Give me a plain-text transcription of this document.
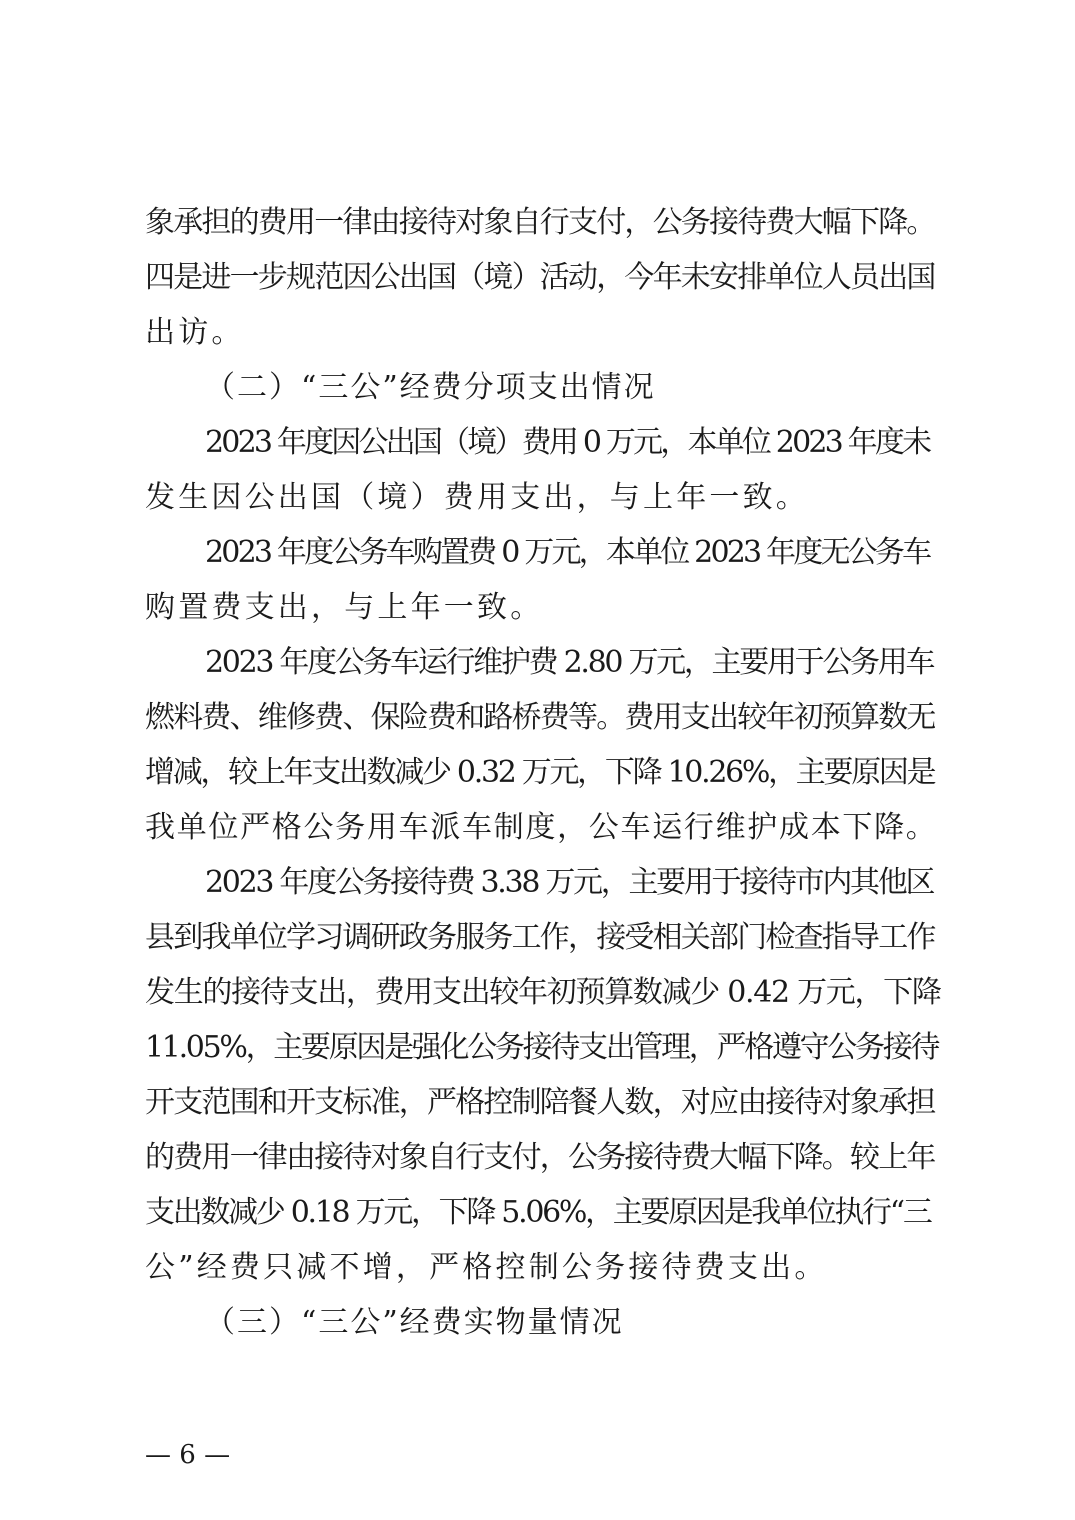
象承担的费用一律由接待对象自行支付，公务接待费大幅下降。
四是进一步规范因公出国（境）活动，今年未安排单位人员出国
出访。
（二）“三公”经费分项支出情况
2023 年度因公出国（境）费用 0 万元，本单位 2023 年度未
发生因公出国（境）费用支出，与上年一致。
2023 年度公务车购置费 0 万元，本单位 2023 年度无公务车
购置费支出，与上年一致。
2023 年度公务车运行维护费 2.80 万元，主要用于公务用车
燃料费、维修费、保险费和路桥费等。费用支出较年初预算数无
增减，较上年支出数减少 0.32 万元，下降 10.26%，主要原因是
我单位严格公务用车派车制度，公车运行维护成本下降。
2023 年度公务接待费 3.38 万元，主要用于接待市内其他区
县到我单位学习调研政务服务工作，接受相关部门检查指导工作
发生的接待支出，费用支出较年初预算数减少 0.42 万元，下降
11.05%，主要原因是强化公务接待支出管理，严格遵守公务接待
开支范围和开支标准，严格控制陪餐人数，对应由接待对象承担
的费用一律由接待对象自行支付，公务接待费大幅下降。较上年
支出数减少 0.18 万元，下降 5.06%，主要原因是我单位执行“三
公”经费只减不增，严格控制公务接待费支出。
（三）“三公”经费实物量情况
— 6 —
